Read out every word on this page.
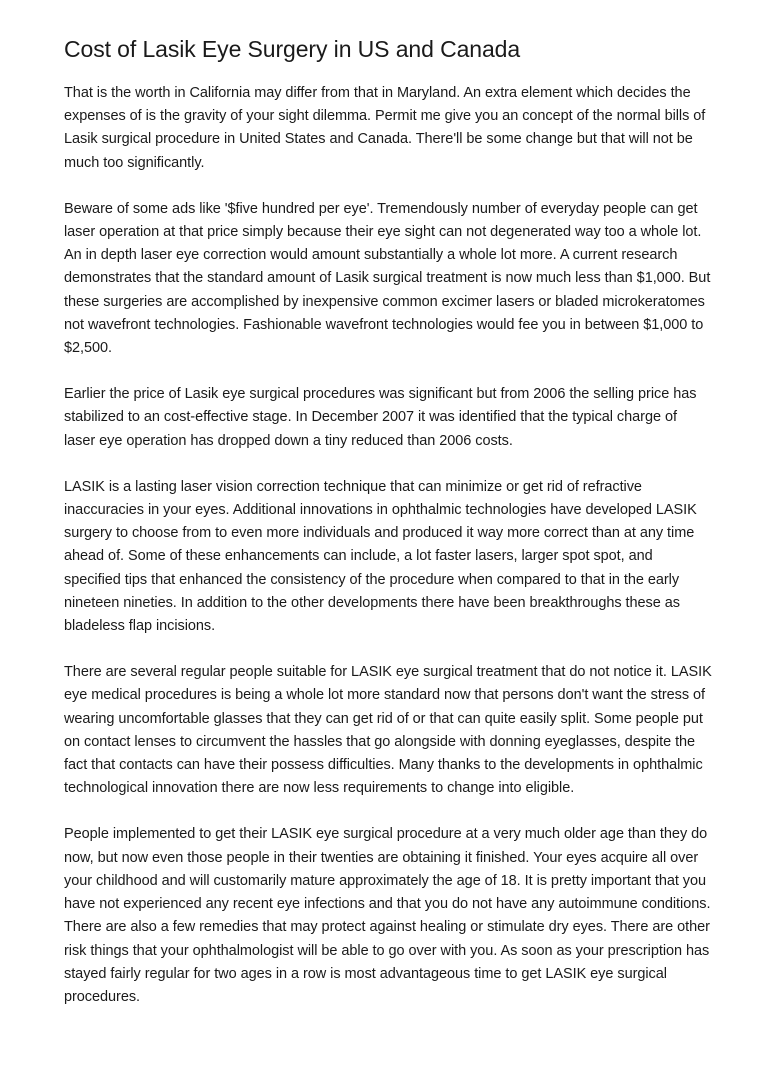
Cost of Lasik Eye Surgery in US and Canada

That is the worth in California may differ from that in Maryland. An extra element which decides the expenses of is the gravity of your sight dilemma. Permit me give you an concept of the normal bills of Lasik surgical procedure in United States and Canada. There'll be some change but that will not be much too significantly.

Beware of some ads like '$five hundred per eye'. Tremendously number of everyday people can get laser operation at that price simply because their eye sight can not degenerated way too a whole lot. An in depth laser eye correction would amount substantially a whole lot more. A current research demonstrates that the standard amount of Lasik surgical treatment is now much less than $1,000. But these surgeries are accomplished by inexpensive common excimer lasers or bladed microkeratomes not wavefront technologies. Fashionable wavefront technologies would fee you in between $1,000 to $2,500.

Earlier the price of Lasik eye surgical procedures was significant but from 2006 the selling price has stabilized to an cost-effective stage. In December 2007 it was identified that the typical charge of laser eye operation has dropped down a tiny reduced than 2006 costs.

LASIK is a lasting laser vision correction technique that can minimize or get rid of refractive inaccuracies in your eyes. Additional innovations in ophthalmic technologies have developed LASIK surgery to choose from to even more individuals and produced it way more correct than at any time ahead of. Some of these enhancements can include, a lot faster lasers, larger spot spot, and specified tips that enhanced the consistency of the procedure when compared to that in the early nineteen nineties. In addition to the other developments there have been breakthroughs these as bladeless flap incisions.

There are several regular people suitable for LASIK eye surgical treatment that do not notice it. LASIK eye medical procedures is being a whole lot more standard now that persons don't want the stress of wearing uncomfortable glasses that they can get rid of or that can quite easily split. Some people put on contact lenses to circumvent the hassles that go alongside with donning eyeglasses, despite the fact that contacts can have their possess difficulties. Many thanks to the developments in ophthalmic technological innovation there are now less requirements to change into eligible.

People implemented to get their LASIK eye surgical procedure at a very much older age than they do now, but now even those people in their twenties are obtaining it finished. Your eyes acquire all over your childhood and will customarily mature approximately the age of 18. It is pretty important that you have not experienced any recent eye infections and that you do not have any autoimmune conditions. There are also a few remedies that may protect against healing or stimulate dry eyes. There are other risk things that your ophthalmologist will be able to go over with you. As soon as your prescription has stayed fairly regular for two ages in a row is most advantageous time to get LASIK eye surgical procedures.
